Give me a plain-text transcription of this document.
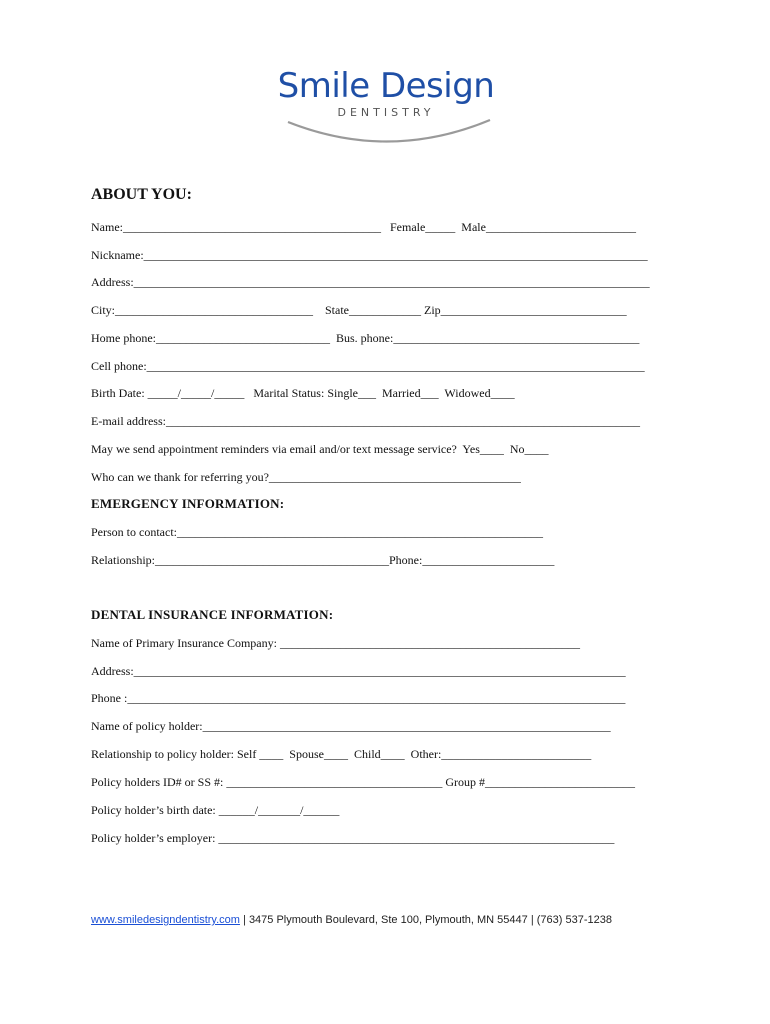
Smile Design
DENTISTRY
ABOUT YOU:
Name:___________________________________________   Female_____  Male_________________________
Nickname:____________________________________________________________________________________
Address:______________________________________________________________________________________
City:_________________________________    State____________ Zip_______________________________
Home phone:_____________________________  Bus. phone:_________________________________________
Cell phone:___________________________________________________________________________________
Birth Date: _____/_____/_____   Marital Status: Single___  Married___  Widowed____
E-mail address:_______________________________________________________________________________
May we send appointment reminders via email and/or text message service?  Yes____  No____
Who can we thank for referring you?__________________________________________
EMERGENCY INFORMATION:
Person to contact:_____________________________________________________________
Relationship:_______________________________________Phone:______________________
DENTAL INSURANCE INFORMATION:
Name of Primary Insurance Company: __________________________________________________
Address:__________________________________________________________________________________
Phone :___________________________________________________________________________________
Name of policy holder:____________________________________________________________________
Relationship to policy holder: Self ____  Spouse____  Child____  Other:_________________________
Policy holders ID# or SS #: ____________________________________ Group #_________________________
Policy holder’s birth date: ______/_______/______
Policy holder’s employer: __________________________________________________________________
www.smiledesigndentistry.com | 3475 Plymouth Boulevard, Ste 100, Plymouth, MN 55447 | (763) 537-1238
